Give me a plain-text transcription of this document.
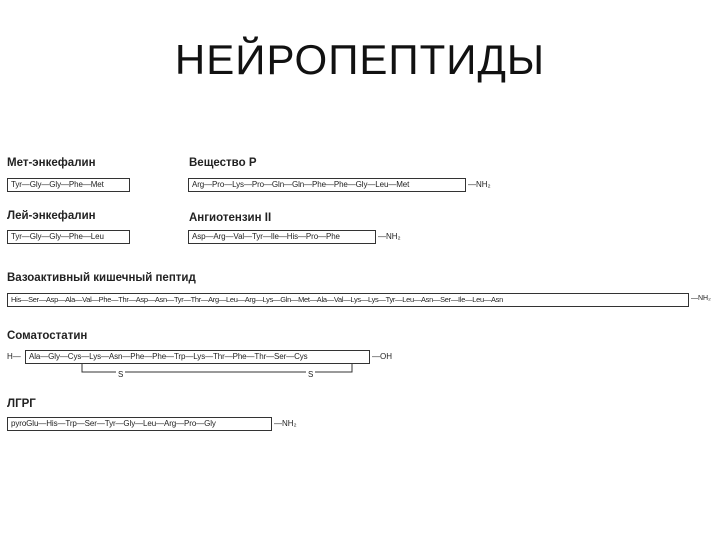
НЕЙРОПЕПТИДЫ
Мет-энкефалин
Tyr—Gly—Gly—Phe—Met
Вещество Р
Arg—Pro—Lys—Pro—Gln—Gln—Phe—Phe—Gly—Leu—Met	—NH₂
Лей-энкефалин
Tyr—Gly—Gly—Phe—Leu
Ангиотензин II
Asp—Arg—Val—Tyr—Ile—His—Pro—Phe	—NH₂
Вазоактивный кишечный пептид
His—Ser—Asp—Ala—Val—Phe—Thr—Asp—Asn—Tyr—Thr—Arg—Leu—Arg—Lys—Gln—Met—Ala—Val—Lys—Lys—Tyr—Leu—Asn—Ser—Ile—Leu—Asn	—NH₂
Соматостатин
H—	Ala—Gly—Cys—Lys—Asn—Phe—Phe—Trp—Lys—Thr—Phe—Thr—Ser—Cys	—OH
S	S
ЛГРГ
pyroGlu—His—Trp—Ser—Tyr—Gly—Leu—Arg—Pro—Gly	—NH₂
